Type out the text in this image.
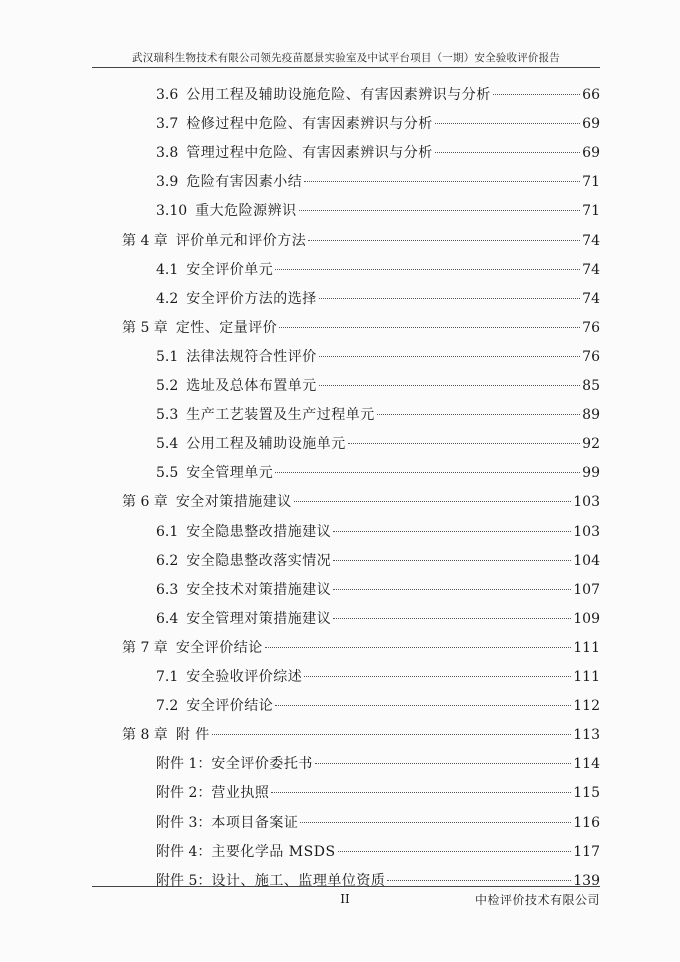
武汉瑞科生物技术有限公司领先疫苗愿景实验室及中试平台项目（一期）安全验收评价报告
3.6 公用工程及辅助设施危险、有害因素辨识与分析	66
3.7 检修过程中危险、有害因素辨识与分析	69
3.8 管理过程中危险、有害因素辨识与分析	69
3.9 危险有害因素小结	71
3.10 重大危险源辨识	71
第 4 章 评价单元和评价方法	74
4.1 安全评价单元	74
4.2 安全评价方法的选择	74
第 5 章 定性、定量评价	76
5.1 法律法规符合性评价	76
5.2 选址及总体布置单元	85
5.3 生产工艺装置及生产过程单元	89
5.4 公用工程及辅助设施单元	92
5.5 安全管理单元	99
第 6 章 安全对策措施建议	103
6.1 安全隐患整改措施建议	103
6.2 安全隐患整改落实情况	104
6.3 安全技术对策措施建议	107
6.4 安全管理对策措施建议	109
第 7 章 安全评价结论	111
7.1 安全验收评价综述	111
7.2 安全评价结论	112
第 8 章 附 件	113
附件 1： 安全评价委托书	114
附件 2： 营业执照	115
附件 3： 本项目备案证	116
附件 4： 主要化学品 MSDS	117
附件 5： 设计、施工、监理单位资质	139
II	中检评价技术有限公司
